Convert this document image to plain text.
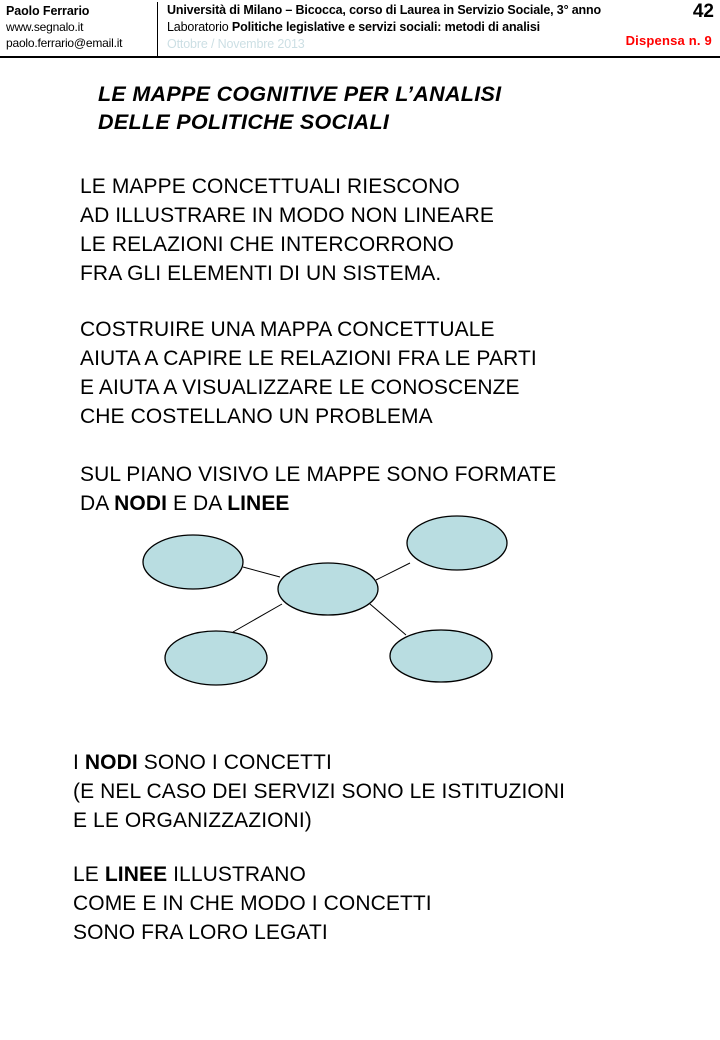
Paolo Ferrario
www.segnalo.it
paolo.ferrario@email.it
Università di Milano – Bicocca, corso di Laurea in Servizio Sociale, 3° anno
Laboratorio Politiche legislative e servizi sociali: metodi di analisi
Ottobre / Novembre 2013
42
Dispensa n. 9
LE MAPPE COGNITIVE PER L’ANALISI
DELLE POLITICHE SOCIALI
LE MAPPE CONCETTUALI RIESCONO
AD ILLUSTRARE IN MODO NON LINEARE
LE RELAZIONI CHE INTERCORRONO
FRA GLI ELEMENTI DI UN SISTEMA.
COSTRUIRE UNA MAPPA CONCETTUALE
AIUTA A CAPIRE LE RELAZIONI FRA LE PARTI
E AIUTA A VISUALIZZARE LE CONOSCENZE
CHE COSTELLANO UN PROBLEMA
SUL PIANO VISIVO LE MAPPE SONO FORMATE
DA NODI E DA LINEE
I NODI SONO I CONCETTI
(E NEL CASO DEI SERVIZI SONO LE ISTITUZIONI
E LE ORGANIZZAZIONI)
LE LINEE ILLUSTRANO
COME E IN CHE MODO I CONCETTI
SONO FRA LORO LEGATI
